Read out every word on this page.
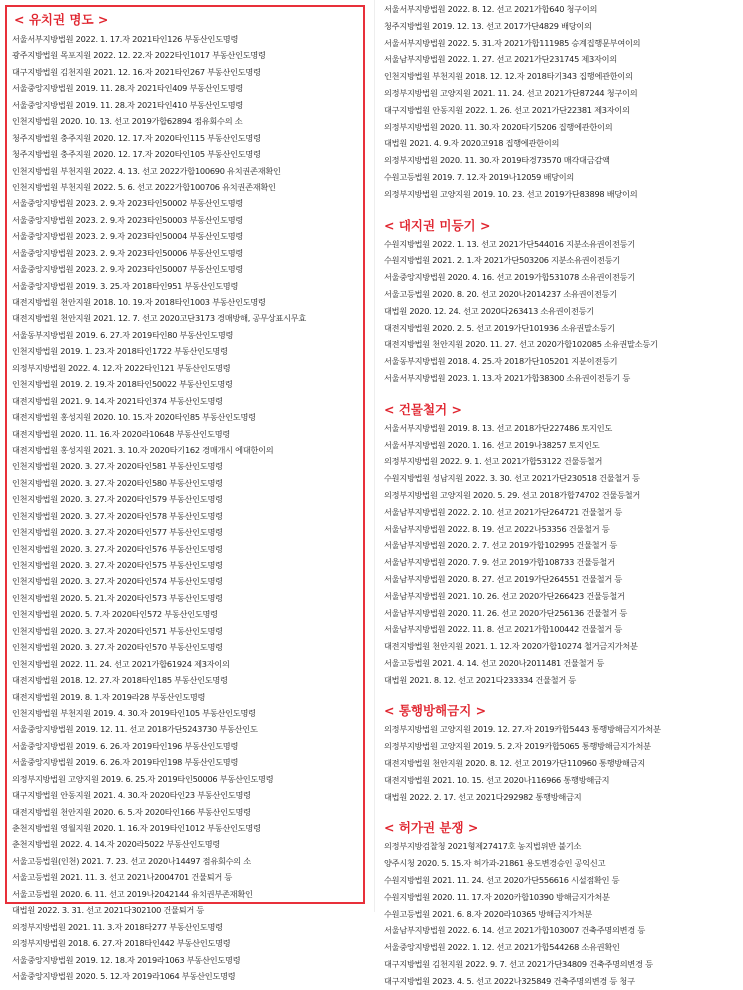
< 유치권 명도 >
서울서부지방법원 2022. 1. 17.자 2021타인126 부동산인도명령
광주지방법원 목포지원 2022. 12. 22.자 2022타인1017 부동산인도명령
대구지방법원 김천지원 2021. 12. 16.자 2021타인267 부동산인도명령
서울중앙지방법원 2019. 11. 28.자 2021타인409 부동산인도명령
서울중앙지방법원 2019. 11. 28.자 2021타인410 부동산인도명령
인천지방법원 2020. 10. 13. 선고 2019가합62894 점유회수의 소
청주지방법원 충주지원 2020. 12. 17.자 2020타인115 부동산인도명령
청주지방법원 충주지원 2020. 12. 17.자 2020타인105 부동산인도명령
인천지방법원 부천지원 2022. 4. 13. 선고 2022가합100690 유치권존재확인
인천지방법원 부천지원 2022. 5. 6. 선고 2022가합100706 유치권존재확인
서울중앙지방법원 2023. 2. 9.자 2023타인50002 부동산인도명령
서울중앙지방법원 2023. 2. 9.자 2023타인50003 부동산인도명령
서울중앙지방법원 2023. 2. 9.자 2023타인50004 부동산인도명령
서울중앙지방법원 2023. 2. 9.자 2023타인50006 부동산인도명령
서울중앙지방법원 2023. 2. 9.자 2023타인50007 부동산인도명령
서울중앙지방법원 2019. 3. 25.자 2018타인951 부동산인도명령
대전지방법원 천안지원 2018. 10. 19.자 2018타인1003 부동산인도명령
대전지방법원 천안지원 2021. 12. 7. 선고 2020고단3173 경매방해, 공무상표시무효
서울동부지방법원 2019. 6. 27.자 2019타인80 부동산인도명령
인천지방법원 2019. 1. 23.자 2018타인1722 부동산인도명령
의정부지방법원 2022. 4. 12.자 2022타인121 부동산인도명령
인천지방법원 2019. 2. 19.자 2018타인50022 부동산인도명령
대전지방법원 2021. 9. 14.자 2021타인374 부동산인도명령
대전지방법원 홍성지원 2020. 10. 15.자 2020타인85 부동산인도명령
대전지방법원 2020. 11. 16.자 2020라10648 부동산인도명령
대전지방법원 홍성지원 2021. 3. 10.자 2020타기162 경매개시 에대한이의
인천지방법원 2020. 3. 27.자 2020타인581 부동산인도명령
인천지방법원 2020. 3. 27.자 2020타인580 부동산인도명령
인천지방법원 2020. 3. 27.자 2020타인579 부동산인도명령
인천지방법원 2020. 3. 27.자 2020타인578 부동산인도명령
인천지방법원 2020. 3. 27.자 2020타인577 부동산인도명령
인천지방법원 2020. 3. 27.자 2020타인576 부동산인도명령
인천지방법원 2020. 3. 27.자 2020타인575 부동산인도명령
인천지방법원 2020. 3. 27.자 2020타인574 부동산인도명령
인천지방법원 2020. 5. 21.자 2020타인573 부동산인도명령
인천지방법원 2020. 5. 7.자 2020타인572 부동산인도명령
인천지방법원 2020. 3. 27.자 2020타인571 부동산인도명령
인천지방법원 2020. 3. 27.자 2020타인570 부동산인도명령
인천지방법원 2022. 11. 24. 선고 2021가합61924 제3자이의
대전지방법원 2018. 12. 27.자 2018타인185 부동산인도명령
대전지방법원 2019. 8. 1.자 2019라28 부동산인도명령
인천지방법원 부천지원 2019. 4. 30.자 2019타인105 부동산인도명령
서울중앙지방법원 2019. 12. 11. 선고 2018가단5243730 부동산인도
서울중앙지방법원 2019. 6. 26.자 2019타인196 부동산인도명령
서울중앙지방법원 2019. 6. 26.자 2019타인198 부동산인도명령
의정부지방법원 고양지원 2019. 6. 25.자 2019타인50006 부동산인도명령
대구지방법원 안동지원 2021. 4. 30.자 2020타인23 부동산인도명령
대전지방법원 천안지원 2020. 6. 5.자 2020타인166 부동산인도명령
춘천지방법원 영월지원 2020. 1. 16.자 2019타인1012 부동산인도명령
춘천지방법원 2022. 4. 14.자 2020라5022 부동산인도명령
서울고등법원(인천) 2021. 7. 23. 선고 2020나14497 점유회수의 소
서울고등법원 2021. 11. 3. 선고 2021나2004701 건물퇴거 등
서울고등법원 2020. 6. 11. 선고 2019나2042144 유치권부존재확인
대법원 2022. 3. 31. 선고 2021다302100 건물퇴거 등
의정부지방법원 2021. 11. 3.자 2018타277 부동산인도명령
의정부지방법원 2018. 6. 27.자 2018타인442 부동산인도명령
서울중앙지방법원 2019. 12. 18.자 2019라1063 부동산인도명령
서울중앙지방법원 2020. 5. 12.자 2019라1064 부동산인도명령
서울서부지방법원 2022. 8. 12. 선고 2021가합640 청구이의
청주지방법원 2019. 12. 13. 선고 2017가단4829 배당이의
서울서부지방법원 2022. 5. 31.자 2021가합111985 승계집행문부여이의
서울남부지방법원 2022. 1. 27. 선고 2021가단231745 제3자이의
인천지방법원 부천지원 2018. 12. 12.자 2018타기343 집행에관한이의
의정부지방법원 고양지원 2021. 11. 24. 선고 2021가단87244 청구이의
대구지방법원 안동지원 2022. 1. 26. 선고 2021가단22381 제3자이의
의정부지방법원 2020. 11. 30.자 2020타기5206 집행에관한이의
대법원 2021. 4. 9.자 2020고918 집행에관한이의
의정부지방법원 2020. 11. 30.자 2019타경73570 매각대금감액
수원고등법원 2019. 7. 12.자 2019나12059 배당이의
의정부지방법원 고양지원 2019. 10. 23. 선고 2019가단83898 배당이의
< 대지권 미등기 >
수원지방법원 2022. 1. 13. 선고 2021가단544016 지분소유권이전등기
수원지방법원 2021. 2. 1.자 2021가단503206 지분소유권이전등기
서울중앙지방법원 2020. 4. 16. 선고 2019가합531078 소유권이전등기
서울고등법원 2020. 8. 20. 선고 2020나2014237 소유권이전등기
대법원 2020. 12. 24. 선고 2020다263413 소유권이전등기
대전지방법원 2020. 2. 5. 선고 2019가단101936 소유권말소등기
대전지방법원 천안지원 2020. 11. 27. 선고 2020가합102085 소유권말소등기
서울동부지방법원 2018. 4. 25.자 2018가단105201 지분이전등기
서울서부지방법원 2023. 1. 13.자 2021가합38300 소유권이전등기 등
< 건물철거 >
서울서부지방법원 2019. 8. 13. 선고 2018가단227486 토지인도
서울서부지방법원 2020. 1. 16. 선고 2019나38257 토지인도
의정부지방법원 2022. 9. 1. 선고 2021가합53122 건물등철거
수원지방법원 성남지원 2022. 3. 30. 선고 2021가단230518 건물철거 등
의정부지방법원 고양지원 2020. 5. 29. 선고 2018가합74702 건물등철거
서울남부지방법원 2022. 2. 10. 선고 2021가단264721 건물철거 등
서울남부지방법원 2022. 8. 19. 선고 2022나53356 건물철거 등
서울남부지방법원 2020. 2. 7. 선고 2019가합102995 건물철거 등
서울남부지방법원 2020. 7. 9. 선고 2019가합108733 건물등철거
서울남부지방법원 2020. 8. 27. 선고 2019가단264551 건물철거 등
서울남부지방법원 2021. 10. 26. 선고 2020가단266423 건물등철거
서울남부지방법원 2020. 11. 26. 선고 2020가단256136 건물철거 등
서울남부지방법원 2022. 11. 8. 선고 2021가합100442 건물철거 등
대전지방법원 천안지원 2021. 1. 12.자 2020가합10274 철거금지가처분
서울고등법원 2021. 4. 14. 선고 2020나2011481 건물철거 등
대법원 2021. 8. 12. 선고 2021다233334 건물철거 등
< 통행방해금지 >
의정부지방법원 고양지원 2019. 12. 27.자 2019카합5443 통행방해금지가처분
의정부지방법원 고양지원 2019. 5. 2.자 2019카합5065 통행방해금지가처분
대전지방법원 천안지원 2020. 8. 12. 선고 2019가단110960 통행방해금지
대전지방법원 2021. 10. 15. 선고 2020나116966 통행방해금지
대법원 2022. 2. 17. 선고 2021다292982 통행방해금지
< 허가권 분쟁 >
의정부지방검찰청 2021형제27417호 농지법위반 불기소
양주시청 2020. 5. 15.자 허가과-21861 용도변경승인 공익신고
수원지방법원 2021. 11. 24. 선고 2020가단556616 시설점확인 등
수원지방법원 2020. 11. 17.자 2020카합10390 방해금지가처분
수원고등법원 2021. 6. 8.자 2020라10365 방해금지가처분
서울남부지방법원 2022. 6. 14. 선고 2021가합103007 건축주명의변경 등
서울중앙지방법원 2022. 1. 12. 선고 2021가합544268 소유권확인
대구지방법원 김천지원 2022. 9. 7. 선고 2021가단34809 건축주명의변경 등
대구지방법원 2023. 4. 5. 선고 2022나325849 건축주명의변경 등 청구
